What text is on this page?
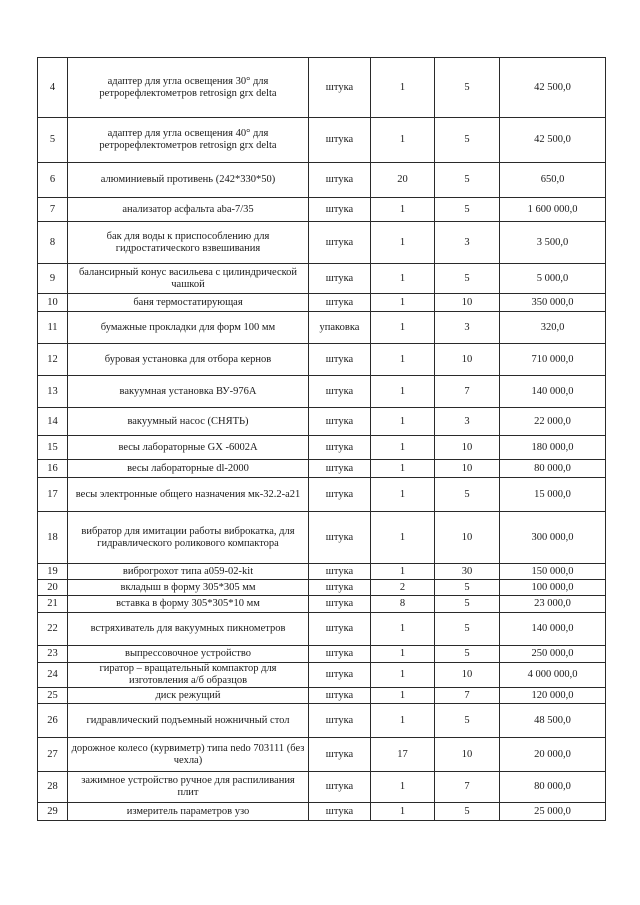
4	адаптер для угла освещения 30° для ретрорефлектометров retrosign grx delta	штука	1	5	42 500,0
5	адаптер для угла освещения 40° для ретрорефлектометров retrosign grx delta	штука	1	5	42 500,0
6	алюминиевый противень (242*330*50)	штука	20	5	650,0
7	анализатор асфальта aba-7/35	штука	1	5	1 600 000,0
8	бак для воды к приспособлению для гидростатического взвешивания	штука	1	3	3 500,0
9	балансирный конус васильева с цилиндрической чашкой	штука	1	5	5 000,0
10	баня термостатирующая	штука	1	10	350 000,0
11	бумажные прокладки для форм 100 мм	упаковка	1	3	320,0
12	буровая установка для отбора кернов	штука	1	10	710 000,0
13	вакуумная установка ВУ-976А	штука	1	7	140 000,0
14	вакуумный насос (СНЯТЬ)	штука	1	3	22 000,0
15	весы лабораторные GX -6002А	штука	1	10	180 000,0
16	весы лабораторные dl-2000	штука	1	10	80 000,0
17	весы электронные общего назначения мк-32.2-а21	штука	1	5	15 000,0
18	вибратор для имитации работы виброкатка, для гидравлического роликового компактора	штука	1	10	300 000,0
19	виброгрохот типа а059-02-kit	штука	1	30	150 000,0
20	вкладыш в форму 305*305 мм	штука	2	5	100 000,0
21	вставка в форму 305*305*10 мм	штука	8	5	23 000,0
22	встряхиватель для вакуумных пикнометров	штука	1	5	140 000,0
23	выпрессовочное устройство	штука	1	5	250 000,0
24	гиратор – вращательный компактор для изготовления а/б образцов	штука	1	10	4 000 000,0
25	диск режущий	штука	1	7	120 000,0
26	гидравлический подъемный ножничный стол	штука	1	5	48 500,0
27	дорожное колесо (курвиметр) типа nedo 703111 (без чехла)	штука	17	10	20 000,0
28	зажимное устройство ручное для распиливания плит	штука	1	7	80 000,0
29	измеритель параметров узо	штука	1	5	25 000,0
